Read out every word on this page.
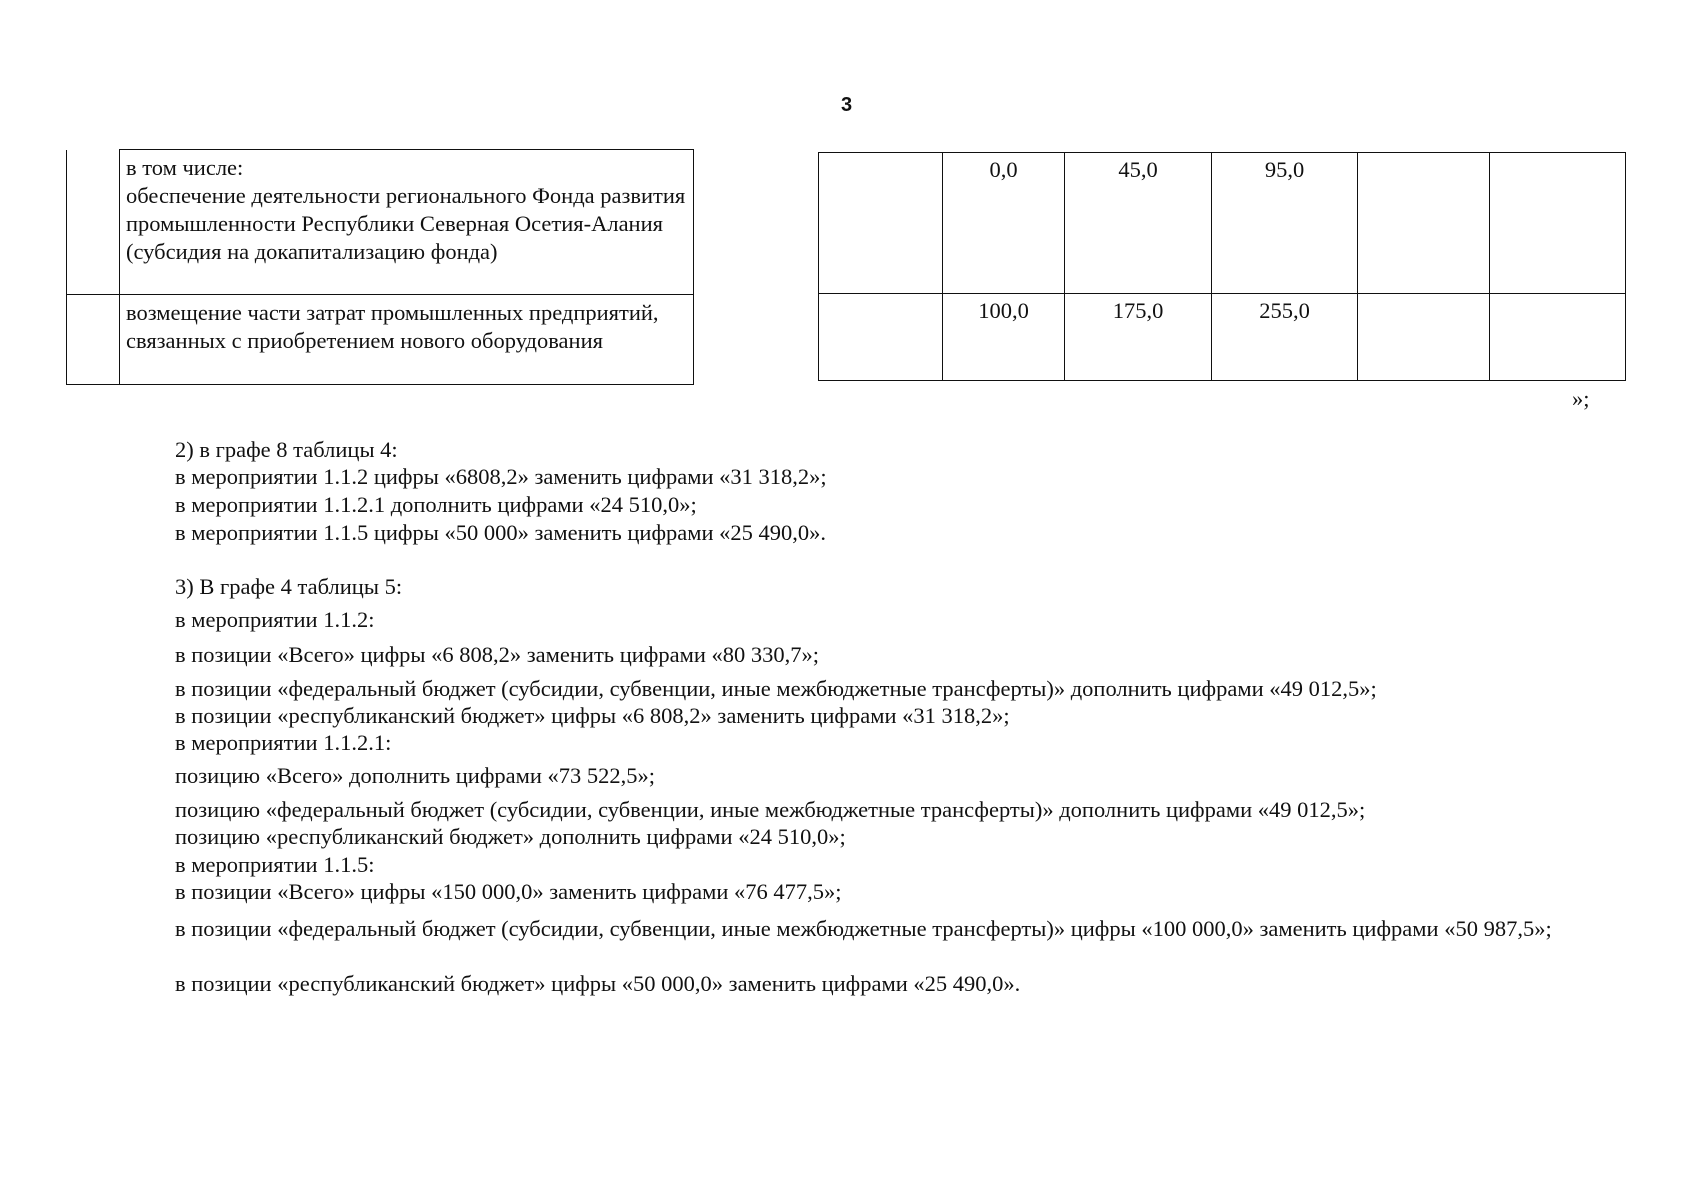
3

	в том числе:
обеспечение деятельности регионального Фонда развития промышленности Республики Северная Осетия-Алания (субсидия на докапитализацию фонда)

	возмещение части затрат промышленных предприятий, связанных с приобретением нового оборудования
	0,0	45,0	95,0		
	100,0	175,0	255,0		
»;

2) в графе 8 таблицы 4:

в мероприятии 1.1.2 цифры «6808,2» заменить цифрами «31 318,2»;

в мероприятии 1.1.2.1 дополнить цифрами «24 510,0»;

в мероприятии 1.1.5 цифры «50 000» заменить цифрами «25 490,0».

3) В графе 4 таблицы 5:

в мероприятии 1.1.2:

в позиции «Всего» цифры «6 808,2» заменить цифрами «80 330,7»;

в позиции «федеральный бюджет (субсидии, субвенции, иные межбюджетные трансферты)» дополнить цифрами «49 012,5»;

в позиции «республиканский бюджет» цифры «6 808,2» заменить цифрами «31 318,2»;

в мероприятии 1.1.2.1:

позицию «Всего» дополнить цифрами «73 522,5»;

позицию «федеральный бюджет (субсидии, субвенции, иные межбюджетные трансферты)» дополнить цифрами «49 012,5»;

позицию «республиканский бюджет» дополнить цифрами «24 510,0»;

в мероприятии 1.1.5:

в позиции «Всего» цифры «150 000,0» заменить цифрами «76 477,5»;

в позиции «федеральный бюджет (субсидии, субвенции, иные межбюджетные трансферты)» цифры «100 000,0» заменить цифрами «50 987,5»;

в позиции «республиканский бюджет» цифры «50 000,0» заменить цифрами «25 490,0».
